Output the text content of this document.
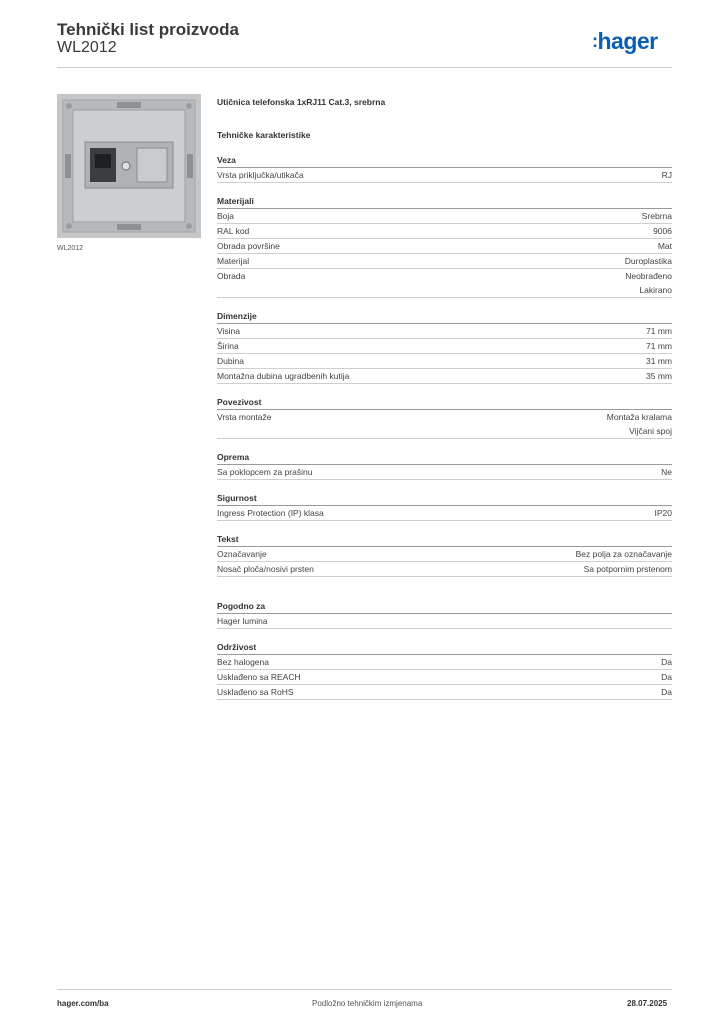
Tehnički list proizvoda
WL2012	:hager
WL2012
Utičnica telefonska 1xRJ11 Cat.3, srebrna
Tehničke karakteristike
Veza
Vrsta priključka/utikača	RJ
Materijali
Boja	Srebrna
RAL kod	9006
Obrada površine	Mat
Materijal	Duroplastika
Obrada	Neobrađeno
Lakirano
Dimenzije
Visina	71 mm
Širina	71 mm
Dubina	31 mm
Montažna dubina ugradbenih kutija	35 mm
Povezivost
Vrsta montaže	Montaža kralama
Vijčani spoj
Oprema
Sa poklopcem za prašinu	Ne
Sigurnost
Ingress Protection (IP) klasa	IP20
Tekst
Označavanje	Bez polja za označavanje
Nosač ploča/nosivi prsten	Sa potpornim prstenom
Pogodno za
Hager lumina
Održivost
Bez halogena	Da
Usklađeno sa REACH	Da
Usklađeno sa RoHS	Da
hager.com/ba	Podložno tehničkim izmjenama	28.07.2025
